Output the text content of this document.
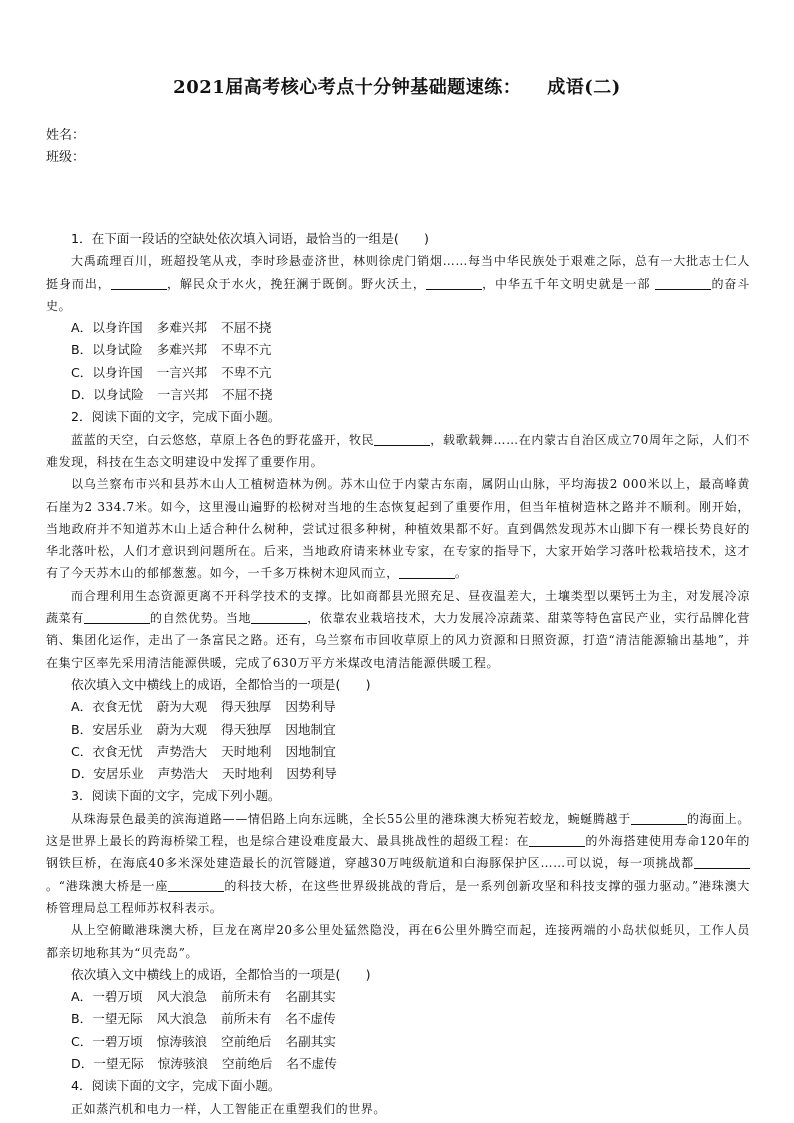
2021届高考核心考点十分钟基础题速练： 成语(二)
姓名：
班级：

1．在下面一段话的空缺处依次填入词语，最恰当的一组是(　　)

大禹疏理百川，班超投笔从戎，李时珍悬壶济世，林则徐虎门销烟……每当中华民族处于艰难之际，总有一大批志士仁人挺身而出，	，解民众于水火，挽狂澜于既倒。野火沃土，	，中华五千年文明史就是一部	的奋斗史。

A．以身许国 多难兴邦 不屈不挠

B．以身试险 多难兴邦 不卑不亢

C．以身许国 一言兴邦 不卑不亢

D．以身试险 一言兴邦 不屈不挠

2．阅读下面的文字，完成下面小题。

蓝蓝的天空，白云悠悠，草原上各色的野花盛开，牧民	，载歌载舞……在内蒙古自治区成立70周年之际，人们不难发现，科技在生态文明建设中发挥了重要作用。

以乌兰察布市兴和县苏木山人工植树造林为例。苏木山位于内蒙古东南，属阴山山脉，平均海拔2 000米以上，最高峰黄石崖为2 334.7米。如今，这里漫山遍野的松树对当地的生态恢复起到了重要作用，但当年植树造林之路并不顺利。刚开始，当地政府并不知道苏木山上适合种什么树种，尝试过很多种树，种植效果都不好。直到偶然发现苏木山脚下有一棵长势良好的华北落叶松，人们才意识到问题所在。后来，当地政府请来林业专家，在专家的指导下，大家开始学习落叶松栽培技术，这才有了今天苏木山的郁郁葱葱。如今，一千多万株树木迎风而立，	。

而合理利用生态资源更离不开科学技术的支撑。比如商都县光照充足、昼夜温差大，土壤类型以栗钙土为主，对发展冷凉蔬菜有	的自然优势。当地	，依靠农业栽培技术，大力发展冷凉蔬菜、甜菜等特色富民产业，实行品牌化营销、集团化运作，走出了一条富民之路。还有，乌兰察布市回收草原上的风力资源和日照资源，打造“清洁能源输出基地”，并在集宁区率先采用清洁能源供暖，完成了630万平方米煤改电清洁能源供暖工程。

依次填入文中横线上的成语，全都恰当的一项是(　　)

A．衣食无忧 蔚为大观 得天独厚 因势利导

B．安居乐业 蔚为大观 得天独厚 因地制宜

C．衣食无忧 声势浩大 天时地利 因地制宜

D．安居乐业 声势浩大 天时地利 因势利导

3．阅读下面的文字，完成下列小题。

从珠海景色最美的滨海道路——情侣路上向东远眺，全长55公里的港珠澳大桥宛若蛟龙，蜿蜒腾越于	的海面上。这是世界上最长的跨海桥梁工程，也是综合建设难度最大、最具挑战性的超级工程：在	的外海搭建使用寿命120年的钢铁巨桥，在海底40多米深处建造最长的沉管隧道，穿越30万吨级航道和白海豚保护区……可以说，每一项挑战都。“港珠澳大桥是一座	的科技大桥，在这些世界级挑战的背后，是一系列创新攻坚和科技支撑的强力驱动。”港珠澳大桥管理局总工程师苏权科表示。

从上空俯瞰港珠澳大桥，巨龙在离岸20多公里处猛然隐没，再在6公里外腾空而起，连接两端的小岛状似蚝贝，工作人员都亲切地称其为“贝壳岛”。

依次填入文中横线上的成语，全都恰当的一项是(　　)

A．一碧万顷 风大浪急 前所未有 名副其实

B．一望无际 风大浪急 前所未有 名不虚传

C．一碧万顷 惊涛骇浪 空前绝后 名副其实

D．一望无际 惊涛骇浪 空前绝后 名不虚传

4．阅读下面的文字，完成下面小题。

正如蒸汽机和电力一样，人工智能正在重塑我们的世界。
